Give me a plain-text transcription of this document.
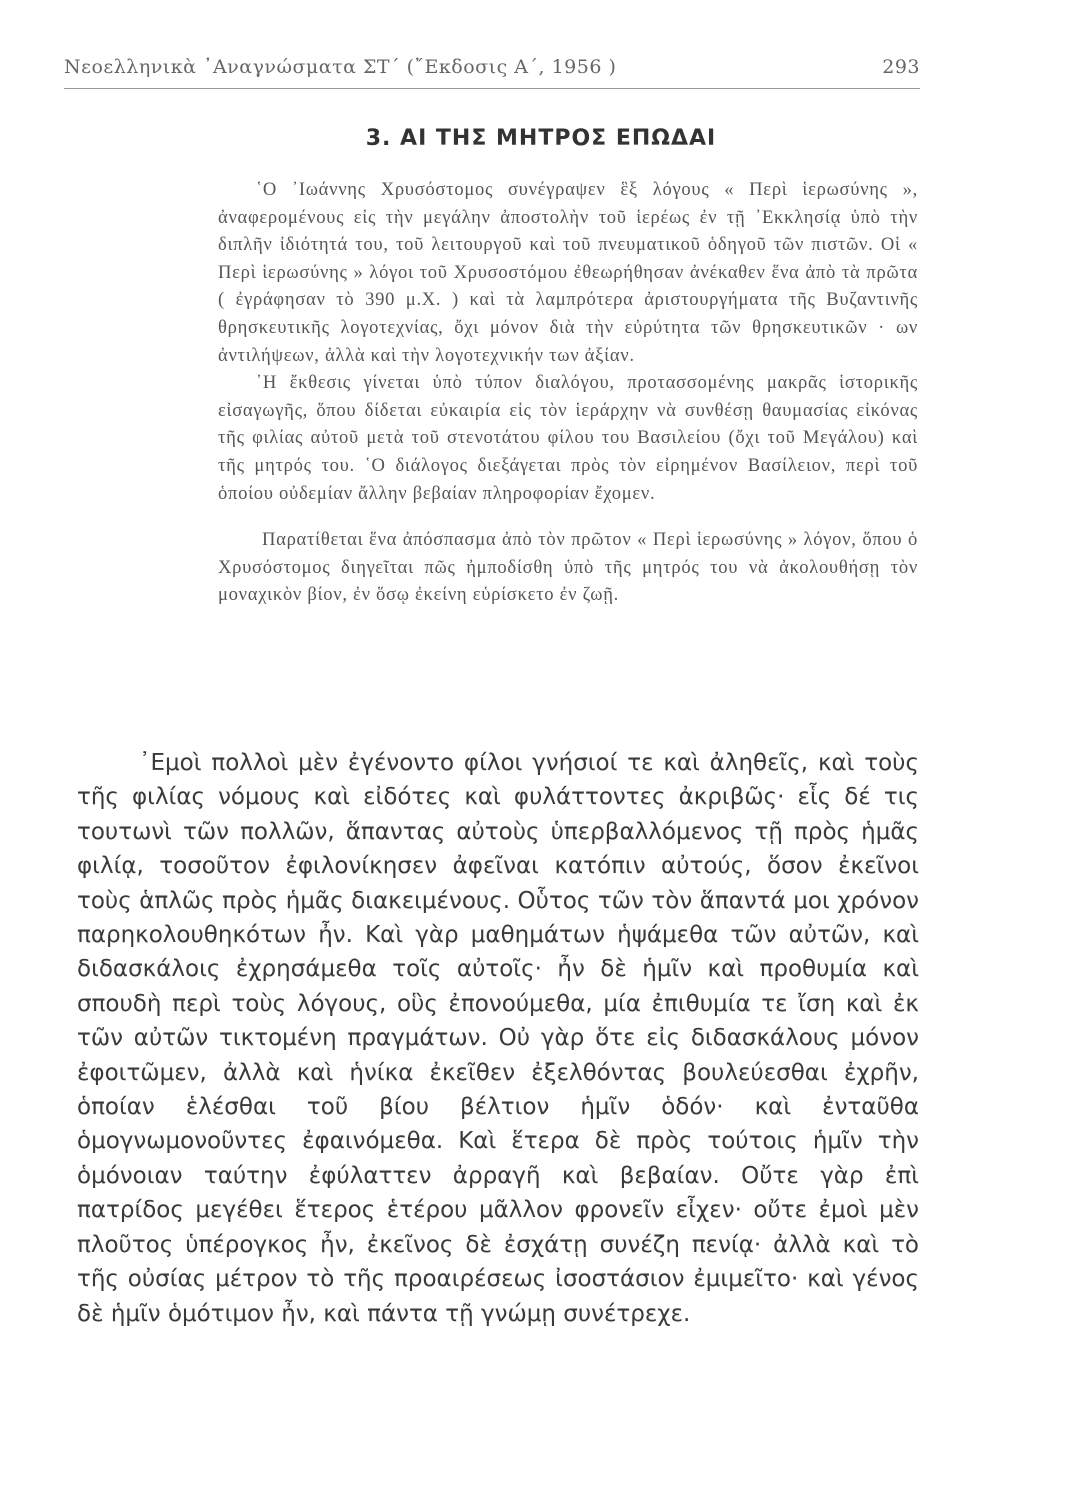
Νεοελληνικὰ ᾿Αναγνώσματα ΣΤ΄ (῎Εκδοσις Α΄, 1956 )	293
3. ΑΙ ΤΗΣ ΜΗΤΡΟΣ ΕΠΩΔΑΙ

῾Ο ᾿Ιωάννης Χρυσόστομος συνέγραψεν ἓξ λόγους « Περὶ ἱερωσύνης », ἀναφερομένους εἰς τὴν μεγάλην ἀποστολὴν τοῦ ἱερέως ἐν τῇ ᾿Εκκλησίᾳ ὑπὸ τὴν διπλῆν ἰδιότητά του, τοῦ λειτουργοῦ καὶ τοῦ πνευματικοῦ ὁδηγοῦ τῶν πιστῶν. Οἱ « Περὶ ἱερωσύνης » λόγοι τοῦ Χρυσοστόμου ἐθεωρήθησαν ἀνέκαθεν ἕνα ἀπὸ τὰ πρῶτα ( ἐγράφησαν τὸ 390 μ.Χ. ) καὶ τὰ λαμπρότερα ἀριστουργήματα τῆς Βυζαντινῆς θρησκευτικῆς λογοτεχνίας, ὄχι μόνον διὰ τὴν εὐρύτητα τῶν θρησκευτικῶν · ων ἀντιλήψεων, ἀλλὰ καὶ τὴν λογοτεχνικήν των ἀξίαν.

῾Η ἔκθεσις γίνεται ὑπὸ τύπον διαλόγου, προτασσομένης μακρᾶς ἱστορικῆς εἰσαγωγῆς, ὅπου δίδεται εὐκαιρία εἰς τὸν ἱεράρχην νὰ συνθέσῃ θαυμασίας εἰκόνας τῆς φιλίας αὐτοῦ μετὰ τοῦ στενοτάτου φίλου του Βασιλείου (ὄχι τοῦ Μεγάλου) καὶ τῆς μητρός του. ῾Ο διάλογος διεξάγεται πρὸς τὸν εἰρημένον Βασίλειον, περὶ τοῦ ὁποίου οὐδεμίαν ἄλλην βεβαίαν πληροφορίαν ἔχομεν.

Παρατίθεται ἕνα ἀπόσπασμα ἀπὸ τὸν πρῶτον « Περὶ ἱερωσύνης » λόγον, ὅπου ὁ Χρυσόστομος διηγεῖται πῶς ἠμποδίσθη ὑπὸ τῆς μητρός του νὰ ἀκολουθήσῃ τὸν μοναχικὸν βίον, ἐν ὅσῳ ἐκείνη εὑρίσκετο ἐν ζωῇ.

᾿Εμοὶ πολλοὶ μὲν ἐγένοντο φίλοι γνήσιοί τε καὶ ἀληθεῖς, καὶ τοὺς τῆς φιλίας νόμους καὶ εἰδότες καὶ φυλάττοντες ἀκριβῶς· εἷς δέ τις τουτωνὶ τῶν πολλῶν, ἅπαντας αὐτοὺς ὑπερβαλλόμενος τῇ πρὸς ἡμᾶς φιλίᾳ, τοσοῦτον ἐφιλονίκησεν ἀφεῖναι κατόπιν αὐτούς, ὅσον ἐκεῖνοι τοὺς ἁπλῶς πρὸς ἡμᾶς διακειμένους. Οὗτος τῶν τὸν ἅπαντά μοι χρόνον παρηκολουθηκότων ἦν. Καὶ γὰρ μαθημάτων ἡψάμεθα τῶν αὐτῶν, καὶ διδασκάλοις ἐχρησάμεθα τοῖς αὐτοῖς· ἦν δὲ ἡμῖν καὶ προθυμία καὶ σπουδὴ περὶ τοὺς λόγους, οὓς ἐπονούμεθα, μία ἐπιθυμία τε ἴση καὶ ἐκ τῶν αὐτῶν τικτομένη πραγμάτων. Οὐ γὰρ ὅτε εἰς διδασκάλους μόνον ἐφοιτῶμεν, ἀλλὰ καὶ ἡνίκα ἐκεῖθεν ἐξελθόντας βουλεύεσθαι ἐχρῆν, ὁποίαν ἑλέσθαι τοῦ βίου βέλτιον ἡμῖν ὁδόν· καὶ ἐνταῦθα ὁμογνωμονοῦντες ἐφαινόμεθα. Καὶ ἕτερα δὲ πρὸς τούτοις ἡμῖν τὴν ὁμόνοιαν ταύτην ἐφύλαττεν ἀρραγῆ καὶ βεβαίαν. Οὔτε γὰρ ἐπὶ πατρίδος μεγέθει ἕτερος ἑτέρου μᾶλλον φρονεῖν εἶχεν· οὔτε ἐμοὶ μὲν πλοῦτος ὑπέρογκος ἦν, ἐκεῖνος δὲ ἐσχάτῃ συνέζη πενίᾳ· ἀλλὰ καὶ τὸ τῆς οὐσίας μέτρον τὸ τῆς προαιρέσεως ἰσοστάσιον ἐμιμεῖτο· καὶ γένος δὲ ἡμῖν ὁμότιμον ἦν, καὶ πάντα τῇ γνώμῃ συνέτρεχε.
